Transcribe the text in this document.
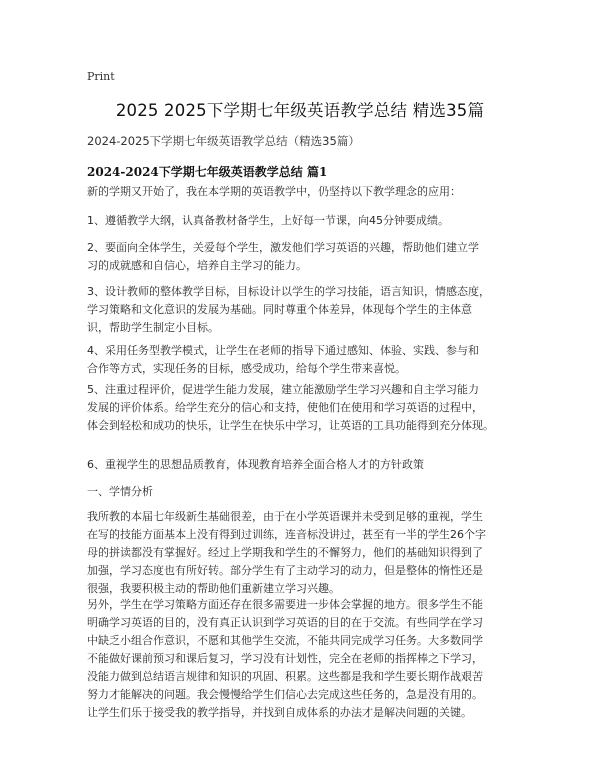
Print
2025 2025下学期七年级英语教学总结 精选35篇
2024-2025下学期七年级英语教学总结（精选35篇）
2024-2024下学期七年级英语教学总结 篇1

新的学期又开始了，我在本学期的英语教学中，仍坚持以下教学理念的应用：

1、遵循教学大纲，认真备教材备学生，上好每一节课，向45分钟要成绩。

2、要面向全体学生，关爱每个学生，激发他们学习英语的兴趣，帮助他们建立学
习的成就感和自信心，培养自主学习的能力。

3、设计教师的整体教学目标，目标设计以学生的学习技能，语言知识，情感态度，
学习策略和文化意识的发展为基础。同时尊重个体差异，体现每个学生的主体意
识，帮助学生制定小目标。

4、采用任务型教学模式，让学生在老师的指导下通过感知、体验、实践、参与和
合作等方式，实现任务的目标，感受成功，给每个学生带来喜悦。

5、注重过程评价，促进学生能力发展，建立能激励学生学习兴趣和自主学习能力
发展的评价体系。给学生充分的信心和支持，使他们在使用和学习英语的过程中，
体会到轻松和成功的快乐，让学生在快乐中学习，让英语的工具功能得到充分体现。

6、重视学生的思想品质教育，体现教育培养全面合格人才的方针政策

一、学情分析

我所教的本届七年级新生基础很差，由于在小学英语课并未受到足够的重视，学生
在写的技能方面基本上没有得到过训练，连音标没讲过，甚至有一半的学生26个字
母的拼读都没有掌握好。经过上学期我和学生的不懈努力，他们的基础知识得到了
加强，学习态度也有所好转。部分学生有了主动学习的动力，但是整体的惰性还是
很强，我要积极主动的帮助他们重新建立学习兴趣。

另外，学生在学习策略方面还存在很多需要进一步体会掌握的地方。很多学生不能
明确学习英语的目的，没有真正认识到学习英语的目的在于交流。有些同学在学习
中缺乏小组合作意识，不愿和其他学生交流，不能共同完成学习任务。大多数同学
不能做好课前预习和课后复习，学习没有计划性，完全在老师的指挥棒之下学习，
没能力做到总结语言规律和知识的巩固、积累。这些都是我和学生要长期作战艰苦
努力才能解决的问题。我会慢慢给学生们信心去完成这些任务的，急是没有用的。
让学生们乐于接受我的教学指导，并找到自成体系的办法才是解决问题的关键。
